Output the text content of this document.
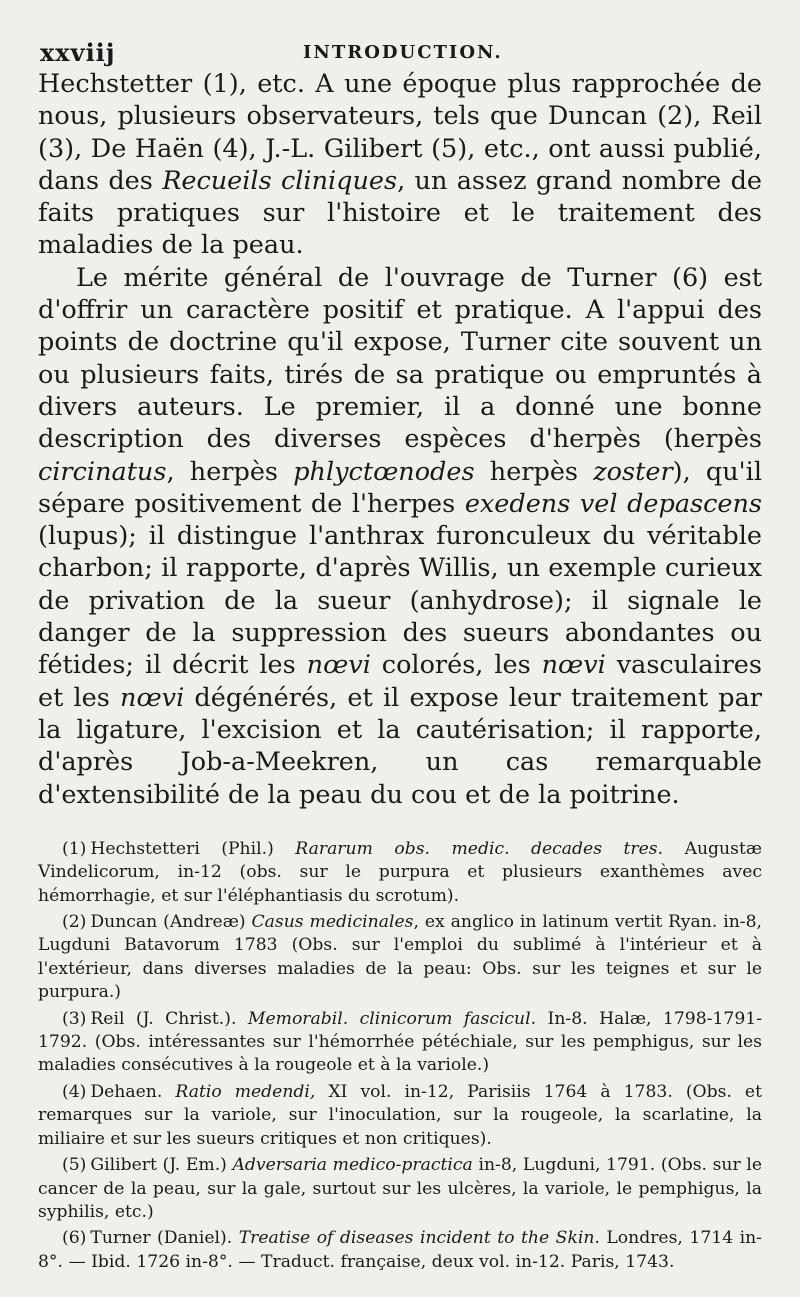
xxviij	INTRODUCTION.

Hechstetter (1), etc. A une époque plus rapprochée de nous, plusieurs observateurs, tels que Duncan (2), Reil (3), De Haën (4), J.-L. Gilibert (5), etc., ont aussi publié, dans des Recueils cliniques, un assez grand nombre de faits pratiques sur l'histoire et le traitement des maladies de la peau.

Le mérite général de l'ouvrage de Turner (6) est d'offrir un caractère positif et pratique. A l'appui des points de doctrine qu'il expose, Turner cite souvent un ou plusieurs faits, tirés de sa pratique ou empruntés à divers auteurs. Le premier, il a donné une bonne description des diverses espèces d'herpès (herpès circinatus, herpès phlyctœnodes herpès zoster), qu'il sépare positivement de l'herpes exedens vel depascens (lupus); il distingue l'anthrax furonculeux du véritable charbon; il rapporte, d'après Willis, un exemple curieux de privation de la sueur (anhydrose); il signale le danger de la suppression des sueurs abondantes ou fétides; il décrit les nœvi colorés, les nœvi vasculaires et les nœvi dégénérés, et il expose leur traitement par la ligature, l'excision et la cautérisation; il rapporte, d'après Job-a-Meekren, un cas remarquable d'extensibilité de la peau du cou et de la poitrine.

(1) Hechstetteri (Phil.) Rararum obs. medic. decades tres. Augustæ Vindelicorum, in-12 (obs. sur le purpura et plusieurs exanthèmes avec hémorrhagie, et sur l'éléphantiasis du scrotum).

(2) Duncan (Andreæ) Casus medicinales, ex anglico in latinum vertit Ryan. in-8, Lugduni Batavorum 1783 (Obs. sur l'emploi du sublimé à l'intérieur et à l'extérieur, dans diverses maladies de la peau: Obs. sur les teignes et sur le purpura.)

(3) Reil (J. Christ.). Memorabil. clinicorum fascicul. In-8. Halæ, 1798-1791-1792. (Obs. intéressantes sur l'hémorrhée pétéchiale, sur les pemphigus, sur les maladies consécutives à la rougeole et à la variole.)

(4) Dehaen. Ratio medendi, XI vol. in-12, Parisiis 1764 à 1783. (Obs. et remarques sur la variole, sur l'inoculation, sur la rougeole, la scarlatine, la miliaire et sur les sueurs critiques et non critiques).

(5) Gilibert (J. Em.) Adversaria medico-practica in-8, Lugduni, 1791. (Obs. sur le cancer de la peau, sur la gale, surtout sur les ulcères, la variole, le pemphigus, la syphilis, etc.)

(6) Turner (Daniel). Treatise of diseases incident to the Skin. Londres, 1714 in-8°. — Ibid. 1726 in-8°. — Traduct. française, deux vol. in-12. Paris, 1743.
